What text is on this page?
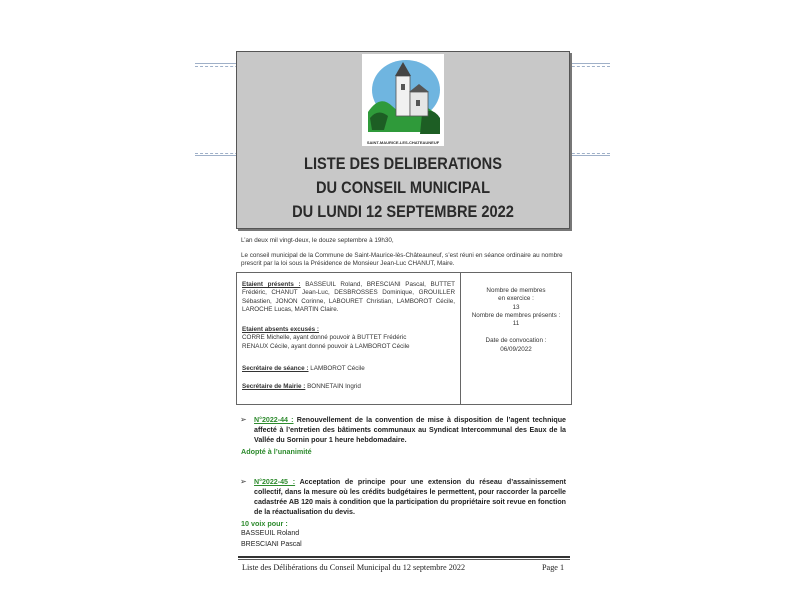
SAINT-MAURICE-LES-CHATEAUNEUF
LISTE DES DELIBERATIONS
DU CONSEIL MUNICIPAL
DU LUNDI 12 SEPTEMBRE 2022
L’an deux mil vingt-deux, le douze septembre à 19h30,
Le conseil municipal de la Commune de Saint-Maurice-lès-Châteauneuf, s’est réuni en séance ordinaire au nombre prescrit par la loi sous la Présidence de Monsieur Jean-Luc CHANUT, Maire.
Etaient présents : BASSEUIL Roland, BRESCIANI Pascal, BUTTET Frédéric, CHANUT Jean-Luc, DESBROSSES Dominique, GROUILLER Sébastien, JONON Corinne, LABOURET Christian, LAMBOROT Cécile, LAROCHE Lucas, MARTIN Claire.
Etaient absents excusés :
CORRE Michelle, ayant donné pouvoir à BUTTET Frédéric
RENAUX Cécile, ayant donné pouvoir à LAMBOROT Cécile
Secrétaire de séance : LAMBOROT Cécile
Secrétaire de Mairie : BONNETAIN Ingrid
Nombre de membres
en exercice :
13
Nombre de membres présents :
11
Date de convocation :
06/09/2022
➢ N°2022-44 : Renouvellement de la convention de mise à disposition de l’agent technique affecté à l’entretien des bâtiments communaux au Syndicat Intercommunal des Eaux de la Vallée du Sornin pour 1 heure hebdomadaire.
Adopté à l’unanimité
➢ N°2022-45 : Acceptation de principe pour une extension du réseau d’assainissement collectif, dans la mesure où les crédits budgétaires le permettent, pour raccorder la parcelle cadastrée AB 120 mais à condition que la participation du propriétaire soit revue en fonction de la réactualisation du devis.
10 voix pour :
BASSEUIL Roland
BRESCIANI Pascal
Liste des Délibérations du Conseil Municipal du 12 septembre 2022	Page 1
